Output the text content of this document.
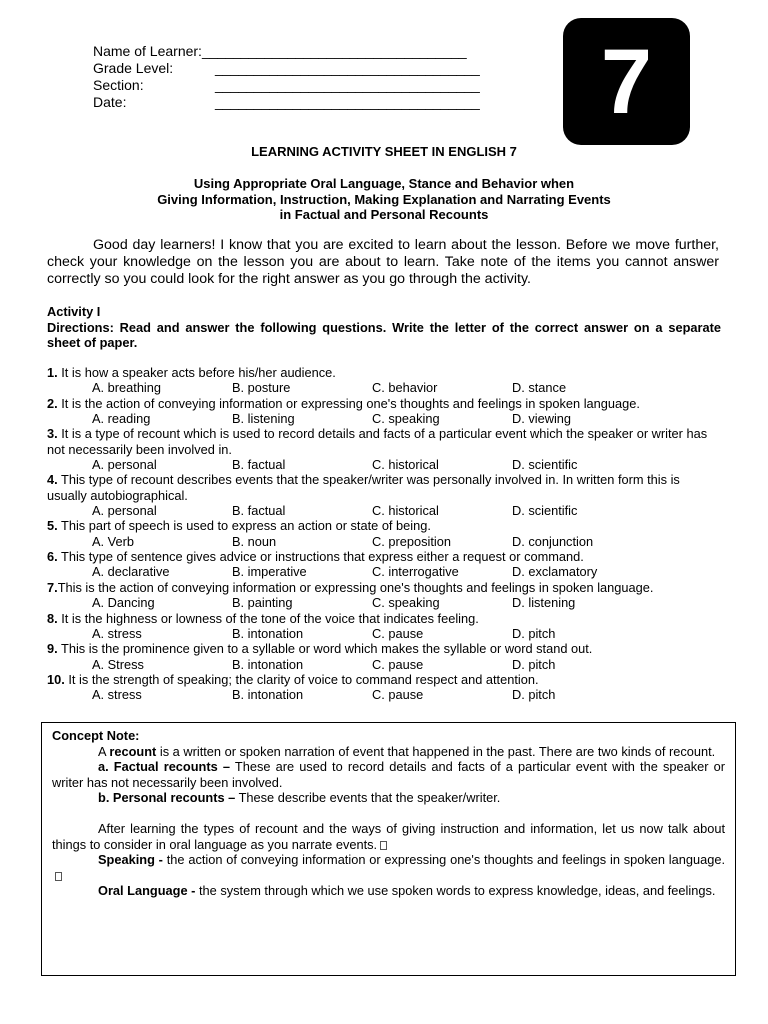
Name of Learner: __________________________________
Grade Level:	__________________________________
Section:	__________________________________
Date:	__________________________________	7
LEARNING ACTIVITY SHEET IN ENGLISH 7
Using Appropriate Oral Language, Stance and Behavior when
Giving Information, Instruction, Making Explanation and Narrating Events
in Factual and Personal Recounts
Good day learners! I know that you are excited to learn about the lesson. Before we move further, check your knowledge on the lesson you are about to learn. Take note of the items you cannot answer correctly so you could look for the right answer as you go through the activity.
Activity I
Directions: Read and answer the following questions. Write the letter of the correct answer on a separate sheet of paper.
1. It is how a speaker acts before his/her audience.
A. breathing	B. posture	C. behavior	D. stance
2. It is the action of conveying information or expressing one's thoughts and feelings in spoken language.
A. reading	B. listening	C. speaking	D. viewing
3. It is a type of recount which is used to record details and facts of a particular event which the speaker or writer has not necessarily been involved in.
A. personal	B. factual	C. historical	D. scientific
4. This type of recount describes events that the speaker/writer was personally involved in. In written form this is usually autobiographical.
A. personal	B. factual	C. historical	D. scientific
5. This part of speech is used to express an action or state of being.
A. Verb	B. noun	C. preposition	D. conjunction
6. This type of sentence gives advice or instructions that express either a request or command.
A. declarative	B. imperative	C. interrogative	D. exclamatory
7.This is the action of conveying information or expressing one's thoughts and feelings in spoken language.
A. Dancing	B. painting	C. speaking	D. listening
8. It is the highness or lowness of the tone of the voice that indicates feeling.
A. stress	B. intonation	C. pause	D. pitch
9. This is the prominence given to a syllable or word which makes the syllable or word stand out.
A. Stress	B. intonation	C. pause	D. pitch
10. It is the strength of speaking; the clarity of voice to command respect and attention.
A. stress	B. intonation	C. pause	D. pitch

Concept Note:

A recount is a written or spoken narration of event that happened in the past. There are two kinds of recount.

a. Factual recounts – These are used to record details and facts of a particular event with the speaker or writer has not necessarily been involved.

b. Personal recounts – These describe events that the speaker/writer.

After learning the types of recount and the ways of giving instruction and information, let us now talk about things to consider in oral language as you narrate events.

Speaking - the action of conveying information or expressing one's thoughts and feelings in spoken language.

Oral Language - the system through which we use spoken words to express knowledge, ideas, and feelings.
